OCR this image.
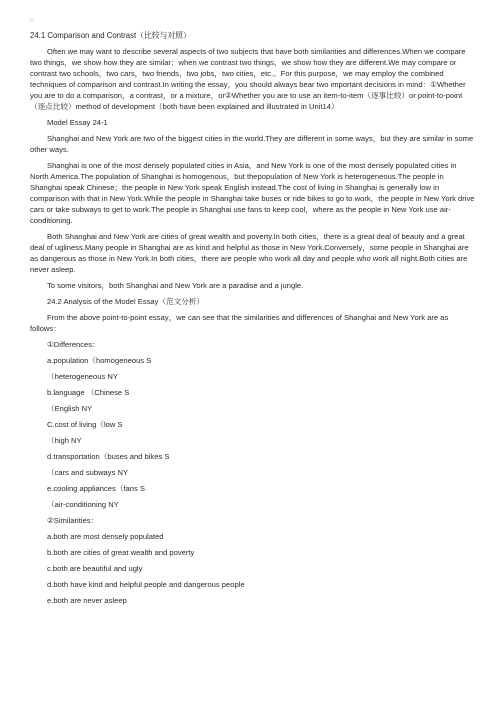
□
24.1 Comparison and Contrast（比较与对照）

Often we may want to describe several aspects of two subjects that have both similarities and differences.When we compare two things，we show how they are similar；when we contrast two things，we show how they are different.We may compare or contrast two schools，two cars，two friends，two jobs，two cities，etc.。For this purpose，we may employ the combined techniques of comparison and contrast.In writing the essay，you should always bear two important decisions in mind：①Whether you are to do a comparison，a contrast，or a mixture，or②Whether you are to use an item-to-item（逐事比较）or point-to-point（逐点比较）method of development（both have been explained and illustrated in Unit14）

Model Essay 24-1

Shanghai and New York are two of the biggest cities in the world.They are different in some ways，but they are similar in some other ways.

Shanghai is one of the most densely populated cities in Asia，and New York is one of the most densely populated cities in North America.The population of Shanghai is homogenous，but thepopulation of New York is heterogeneous.The people in Shanghai speak Chinese；the people in New York speak English instead.The cost of living in Shanghai is generally low in comparison with that in New York.While the people in Shanghai take buses or ride bikes to go to work，the people in New York drive cars or take subways to get to work.The people in Shanghai use fans to keep cool，where as the people in New York use air-conditioning.

Both Shanghai and New York are cities of great wealth and poverty.In both cities，there is a great deal of beauty and a great deal of ugliness.Many people in Shanghai are as kind and helpful as those in New York.Conversely，some people in Shanghai are as dangerous as those in New York.In both cities，there are people who work all day and people who work all night.Both cities are never asleep.

To some visitors，both Shanghai and New York are a paradise and a jungle.

24.2 Analysis of the Model Essay（范文分析）

From the above point-to-point essay，we can see that the similarities and differences of Shanghai and New York are as follows：

①Differences：
a.population（homogeneous S
（heterogeneous NY
b.language （Chinese S
（English NY
C.cost of living（low S
（high NY
d.transportation（buses and bikes S
（cars and subways NY
e.cooling appliances（fans S
（air-conditioning NY
②Similarities：
a.both are most densely populated
b.both are cities of great wealth and poverty
c.both are beautiful and ugly
d.both have kind and helpful people and dangerous people
e.both are never asleep
